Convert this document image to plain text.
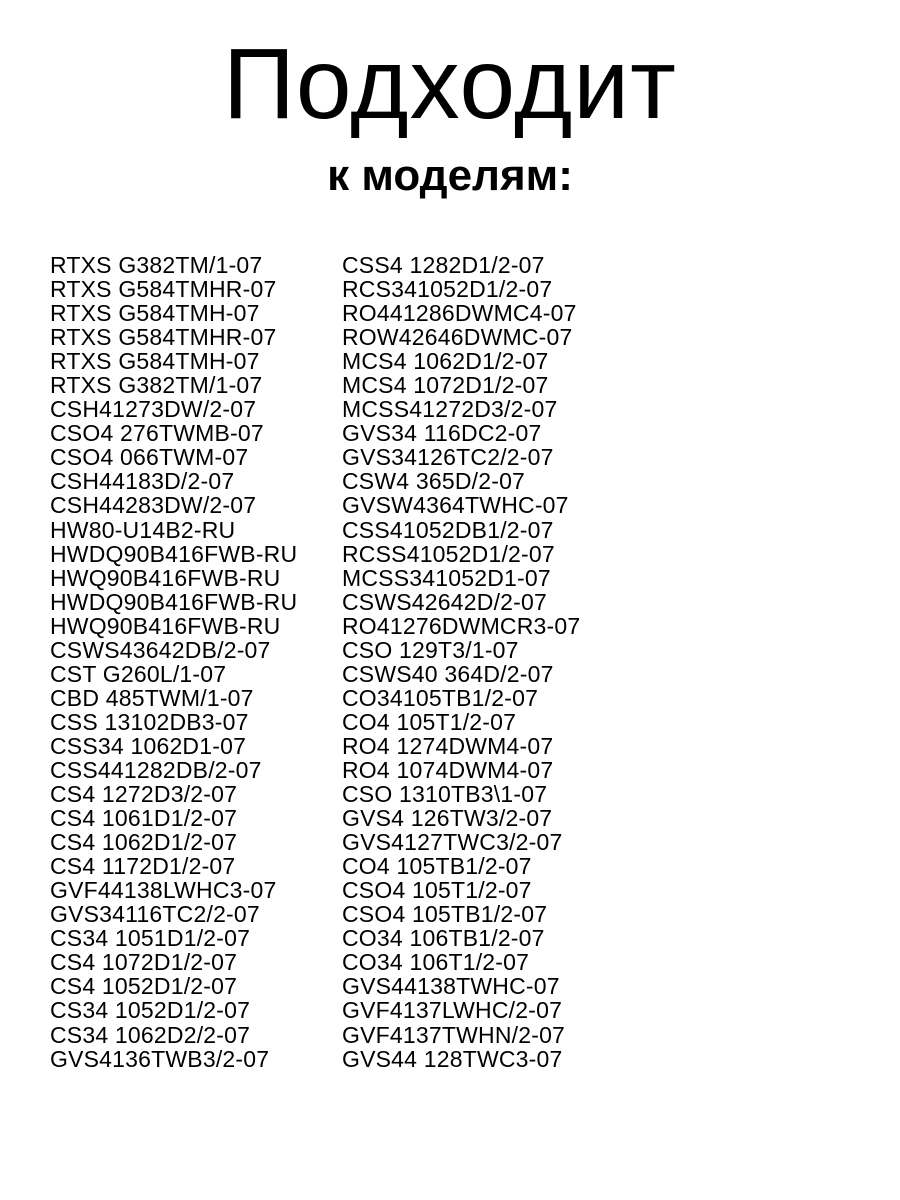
Подходит
к моделям:
RTXS G382TM/1-07
RTXS G584TMHR-07
RTXS G584TMH-07
RTXS G584TMHR-07
RTXS G584TMH-07
RTXS G382TM/1-07
CSH41273DW/2-07
CSO4 276TWMB-07
CSO4 066TWM-07
CSH44183D/2-07
CSH44283DW/2-07
HW80-U14B2-RU
HWDQ90B416FWB-RU
HWQ90B416FWB-RU
HWDQ90B416FWB-RU
HWQ90B416FWB-RU
CSWS43642DB/2-07
CST G260L/1-07
CBD 485TWM/1-07
CSS 13102DB3-07
CSS34 1062D1-07
CSS441282DB/2-07
CS4 1272D3/2-07
CS4 1061D1/2-07
CS4 1062D1/2-07
CS4 1172D1/2-07
GVF44138LWHC3-07
GVS34116TC2/2-07
CS34 1051D1/2-07
CS4 1072D1/2-07
CS4 1052D1/2-07
CS34 1052D1/2-07
CS34 1062D2/2-07
GVS4136TWB3/2-07
CSS4 1282D1/2-07
RCS341052D1/2-07
RO441286DWMC4-07
ROW42646DWMC-07
MCS4 1062D1/2-07
MCS4 1072D1/2-07
MCSS41272D3/2-07
GVS34 116DC2-07
GVS34126TC2/2-07
CSW4 365D/2-07
GVSW4364TWHC-07
CSS41052DB1/2-07
RCSS41052D1/2-07
MCSS341052D1-07
CSWS42642D/2-07
RO41276DWMCR3-07
CSO 129T3/1-07
CSWS40 364D/2-07
CO34105TB1/2-07
CO4 105T1/2-07
RO4 1274DWM4-07
RO4 1074DWM4-07
CSO 1310TB3\1-07
GVS4 126TW3/2-07
GVS4127TWC3/2-07
CO4 105TB1/2-07
CSO4 105T1/2-07
CSO4 105TB1/2-07
CO34 106TB1/2-07
CO34 106T1/2-07
GVS44138TWHC-07
GVF4137LWHC/2-07
GVF4137TWHN/2-07
GVS44 128TWC3-07
